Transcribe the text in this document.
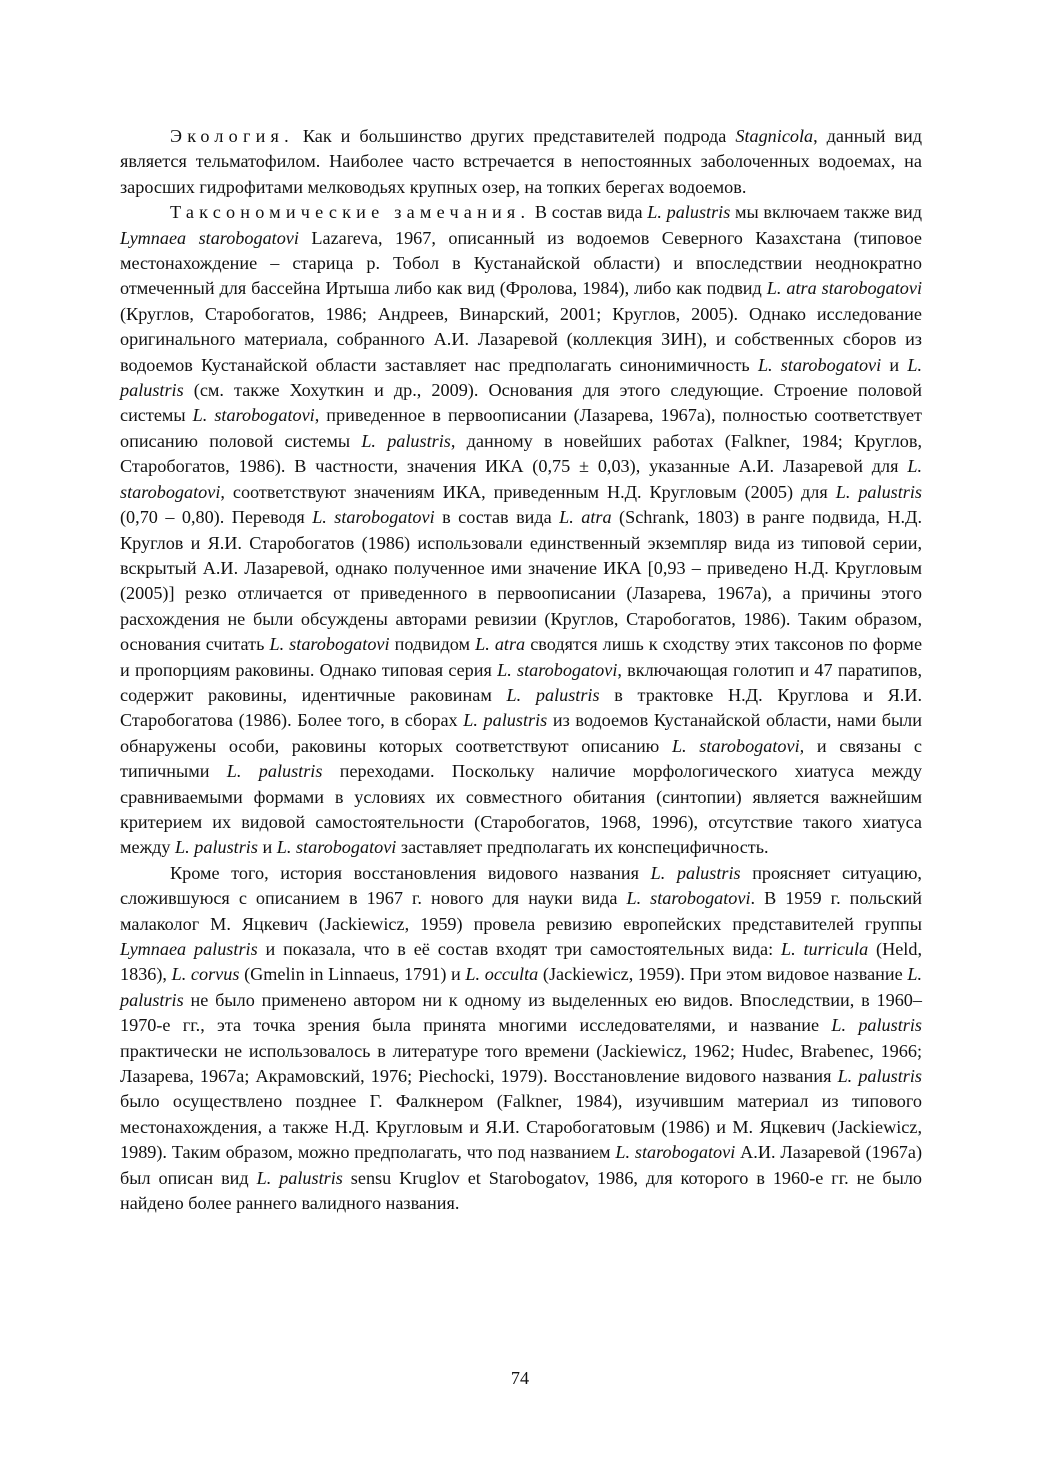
Экология. Как и большинство других представителей подрода Stagnicola, данный вид является тельматофилом. Наиболее часто встречается в непостоянных заболоченных водоемах, на заросших гидрофитами мелководьях крупных озер, на топких берегах водоемов.

Таксономические замечания. В состав вида L. palustris мы включаем также вид Lymnaea starobogatovi Lazareva, 1967, описанный из водоемов Северного Казахстана (типовое местонахождение – старица р. Тобол в Кустанайской области) и впоследствии неоднократно отмеченный для бассейна Иртыша либо как вид (Фролова, 1984), либо как подвид L. atra starobogatovi (Круглов, Старобогатов, 1986; Андреев, Винарский, 2001; Круглов, 2005). Однако исследование оригинального материала, собранного А.И. Лазаревой (коллекция ЗИН), и собственных сборов из водоемов Кустанайской области заставляет нас предполагать синонимичность L. starobogatovi и L. palustris (см. также Хохуткин и др., 2009). Основания для этого следующие. Строение половой системы L. starobogatovi, приведенное в первоописании (Лазарева, 1967а), полностью соответствует описанию половой системы L. palustris, данному в новейших работах (Falkner, 1984; Круглов, Старобогатов, 1986). В частности, значения ИКА (0,75 ± 0,03), указанные А.И. Лазаревой для L. starobogatovi, соответствуют значениям ИКА, приведенным Н.Д. Кругловым (2005) для L. palustris (0,70 – 0,80). Переводя L. starobogatovi в состав вида L. atra (Schrank, 1803) в ранге подвида, Н.Д. Круглов и Я.И. Старобогатов (1986) использовали единственный экземпляр вида из типовой серии, вскрытый А.И. Лазаревой, однако полученное ими значение ИКА [0,93 – приведено Н.Д. Кругловым (2005)] резко отличается от приведенного в первоописании (Лазарева, 1967а), а причины этого расхождения не были обсуждены авторами ревизии (Круглов, Старобогатов, 1986). Таким образом, основания считать L. starobogatovi подвидом L. atra сводятся лишь к сходству этих таксонов по форме и пропорциям раковины. Однако типовая серия L. starobogatovi, включающая голотип и 47 паратипов, содержит раковины, идентичные раковинам L. palustris в трактовке Н.Д. Круглова и Я.И. Старобогатова (1986). Более того, в сборах L. palustris из водоемов Кустанайской области, нами были обнаружены особи, раковины которых соответствуют описанию L. starobogatovi, и связаны с типичными L. palustris переходами. Поскольку наличие морфологического хиатуса между сравниваемыми формами в условиях их совместного обитания (синтопии) является важнейшим критерием их видовой самостоятельности (Старобогатов, 1968, 1996), отсутствие такого хиатуса между L. palustris и L. starobogatovi заставляет предполагать их конспецифичность.

Кроме того, история восстановления видового названия L. palustris проясняет ситуацию, сложившуюся с описанием в 1967 г. нового для науки вида L. starobogatovi. В 1959 г. польский малаколог М. Яцкевич (Jackiewicz, 1959) провела ревизию европейских представителей группы Lymnaea palustris и показала, что в её состав входят три самостоятельных вида: L. turricula (Held, 1836), L. corvus (Gmelin in Linnaeus, 1791) и L. occulta (Jackiewicz, 1959). При этом видовое название L. palustris не было применено автором ни к одному из выделенных ею видов. Впоследствии, в 1960–1970-е гг., эта точка зрения была принята многими исследователями, и название L. palustris практически не использовалось в литературе того времени (Jackiewicz, 1962; Hudec, Brabenec, 1966; Лазарева, 1967а; Акрамовский, 1976; Piechocki, 1979). Восстановление видового названия L. palustris было осуществлено позднее Г. Фалкнером (Falkner, 1984), изучившим материал из типового местонахождения, а также Н.Д. Кругловым и Я.И. Старобогатовым (1986) и М. Яцкевич (Jackiewicz, 1989). Таким образом, можно предполагать, что под названием L. starobogatovi А.И. Лазаревой (1967а) был описан вид L. palustris sensu Kruglov et Starobogatov, 1986, для которого в 1960-е гг. не было найдено более раннего валидного названия.

74
